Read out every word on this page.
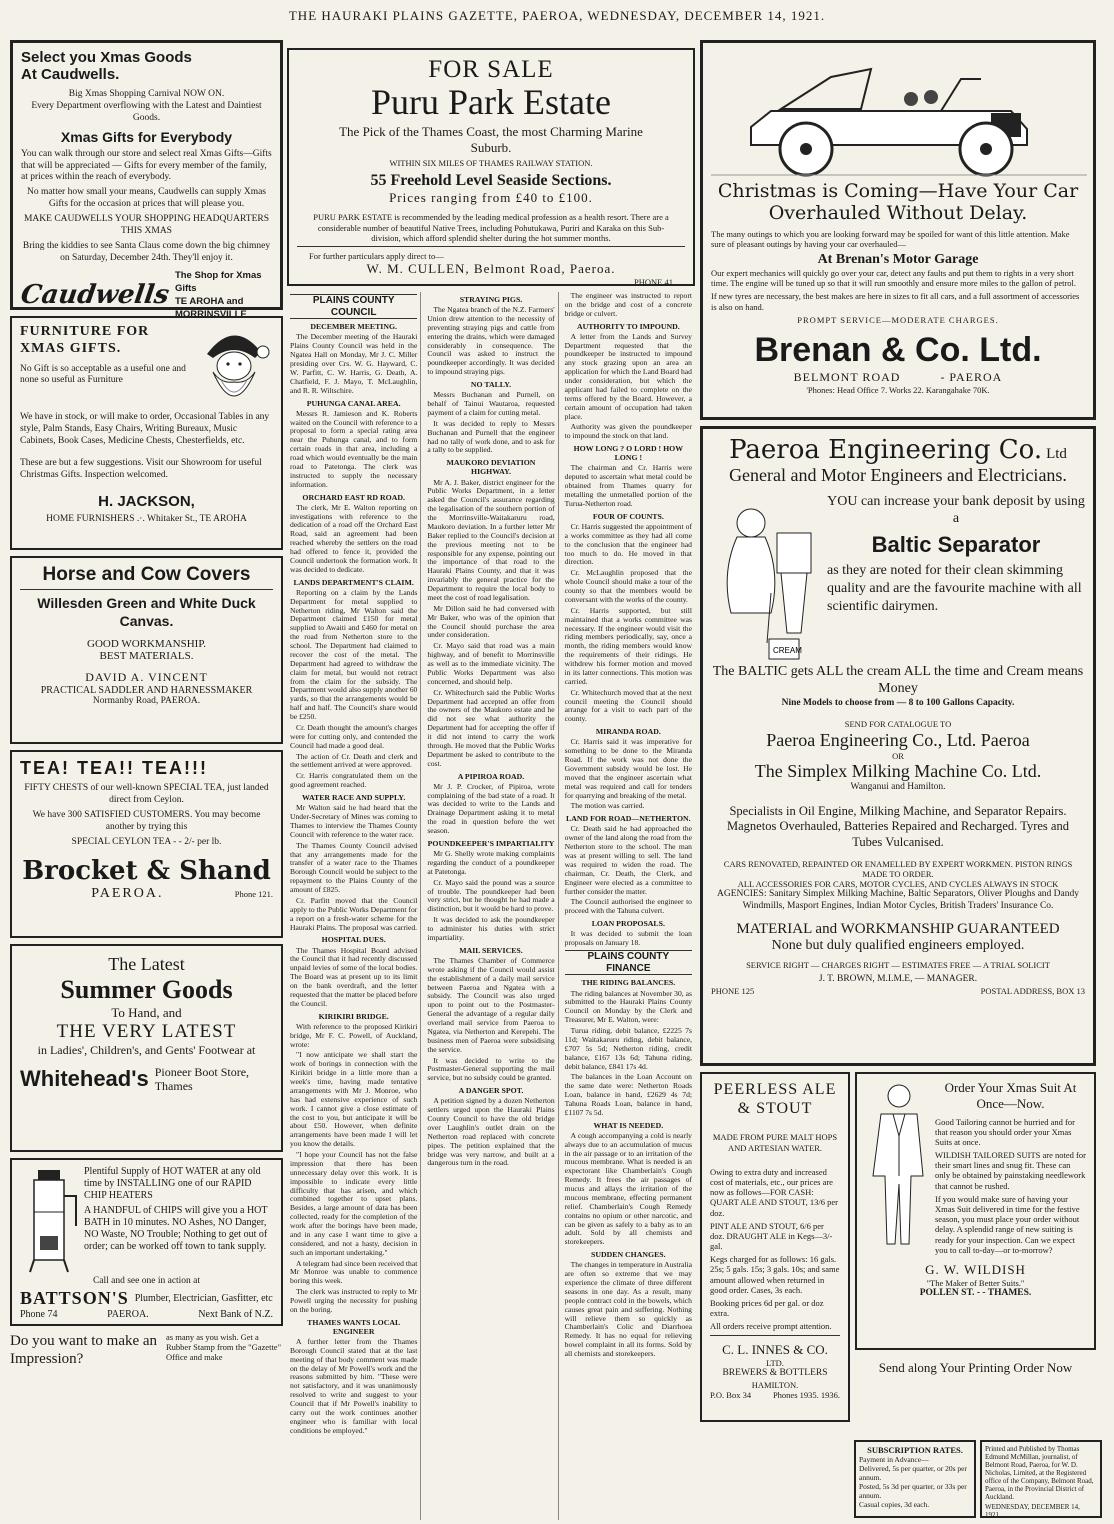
THE HAURAKI PLAINS GAZETTE, PAEROA, WEDNESDAY, DECEMBER 14, 1921.
Select you Xmas Goods
At Caudwells.
Big Xmas Shopping Carnival NOW ON.
Every Department overflowing with the Latest and Daintiest Goods.
Xmas Gifts for Everybody

You can walk through our store and select real Xmas Gifts—Gifts that will be appreciated — Gifts for every member of the family, at prices within the reach of everybody.

No matter how small your means, Caudwells can supply Xmas Gifts for the occasion at prices that will please you.

MAKE CAUDWELLS YOUR SHOPPING HEADQUARTERS THIS XMAS

Bring the kiddies to see Santa Claus come down the big chimney on Saturday, December 24th. They'll enjoy it.

Caudwells
The Shop for Xmas Gifts
TE AROHA and
MORRINSVILLE
FURNITURE FOR XMAS GIFTS.

No Gift is so acceptable as a useful one and none so useful as Furniture

We have in stock, or will make to order, Occasional Tables in any style, Palm Stands, Easy Chairs, Writing Bureaux, Music Cabinets, Book Cases, Medicine Chests, Chesterfields, etc.

These are but a few suggestions. Visit our Showroom for useful Christmas Gifts. Inspection welcomed.

H. JACKSON,
HOME FURNISHERS .·. Whitaker St., TE AROHA
Horse and Cow Covers
Willesden Green and White Duck Canvas.
GOOD WORKMANSHIP.
BEST MATERIALS.
DAVID A. VINCENT
PRACTICAL SADDLER AND HARNESSMAKER
Normanby Road, PAEROA.
TEA! TEA!! TEA!!!

FIFTY CHESTS of our well-known SPECIAL TEA, just landed direct from Ceylon.

We have 300 SATISFIED CUSTOMERS. You may become another by trying this

SPECIAL CEYLON TEA - - 2/- per lb.

Brocket & Shand
PAEROA.	Phone 121.
The Latest
Summer Goods
To Hand, and
THE VERY LATEST
in Ladies', Children's, and Gents' Footwear at
Whitehead's Pioneer Boot Store, Thames

Plentiful Supply of HOT WATER at any old time by INSTALLING one of our RAPID CHIP HEATERS

A HANDFUL of CHIPS will give you a HOT BATH in 10 minutes. NO Ashes, NO Danger, NO Waste, NO Trouble; Nothing to get out of order; can be worked off town to tank supply.

Call and see one in action at
BATTSON'S Plumber, Electrician, Gasfitter, etc
Phone 74	PAEROA.	Next Bank of N.Z.
Do you want to make an Impression?
as many as you wish. Get a Rubber Stamp from the "Gazette" Office and make
FOR SALE
Puru Park Estate
The Pick of the Thames Coast, the most Charming Marine Suburb.
WITHIN SIX MILES OF THAMES RAILWAY STATION.
55 Freehold Level Seaside Sections.
Prices ranging from £40 to £100.

PURU PARK ESTATE is recommended by the leading medical profession as a health resort. There are a considerable number of beautiful Native Trees, including Pohutukawa, Puriri and Karaka on this Sub-division, which afford splendid shelter during the hot summer months.

For further particulars apply direct to—
W. M. CULLEN, Belmont Road, Paeroa.
PHONE 41
PLAINS COUNTY COUNCIL
DECEMBER MEETING.

The December meeting of the Hauraki Plains County Council was held in the Ngatea Hall on Monday, Mr J. C. Miller presiding over Crs. W. G. Hayward, C. W. Parfitt, C. W. Harris, G. Death, A. Chatfield, F. J. Mayo, T. McLaughlin, and R. R. Wiltschire.

PUHUNGA CANAL AREA.

Messrs R. Jamieson and K. Roberts waited on the Council with reference to a proposal to form a special rating area near the Puhunga canal, and to form certain roads in that area, including a road which would eventually be the main road to Patetonga. The clerk was instructed to supply the necessary information.

ORCHARD EAST RD ROAD.

The clerk, Mr E. Walton reporting on investigations with reference to the dedication of a road off the Orchard East Road, said an agreement had been reached whereby the settlers on the road had offered to fence it, provided the Council undertook the formation work. It was decided to dedicate.

LANDS DEPARTMENT'S CLAIM.

Reporting on a claim by the Lands Department for metal supplied to Netherton riding, Mr Walton said the Department claimed £150 for metal supplied to Awaiti and £460 for metal on the road from Netherton store to the school. The Department had claimed to recover the cost of the metal. The Department had agreed to withdraw the claim for metal, but would not retract from the claim for the subsidy. The Department would also supply another 60 yards, so that the arrangements would be half and half. The Council's share would be £250.

Cr. Death thought the amount's charges were for cutting only, and contended the Council had made a good deal.

The action of Cr. Death and clerk and the settlement arrived at were approved.

Cr. Harris congratulated them on the good agreement reached.

WATER RACE AND SUPPLY.

Mr Walton said he had heard that the Under-Secretary of Mines was coming to Thames to interview the Thames County Council with reference to the water race.

The Thames County Council advised that any arrangements made for the transfer of a water race to the Thames Borough Council would be subject to the repayment to the Plains County of the amount of £825.

Cr. Parfitt moved that the Council apply to the Public Works Department for a report on a fresh-water scheme for the Hauraki Plains. The proposal was carried.

HOSPITAL DUES.

The Thames Hospital Board advised the Council that it had recently discussed unpaid levies of some of the local bodies. The Board was at present up to its limit on the bank overdraft, and the letter requested that the matter be placed before the Council.

KIRIKIRI BRIDGE.

With reference to the proposed Kirikiri bridge, Mr F. C. Powell, of Auckland, wrote:

"I now anticipate we shall start the work of borings in connection with the Kirikiri bridge in a little more than a week's time, having made tentative arrangements with Mr J. Monroe, who has had extensive experience of such work. I cannot give a close estimate of the cost to you, but anticipate it will be about £50. However, when definite arrangements have been made I will let you know the details.

"I hope your Council has not the false impression that there has been unnecessary delay over this work. It is impossible to indicate every little difficulty that has arisen, and which combined together to upset plans. Besides, a large amount of data has been collected, ready for the completion of the work after the borings have been made, and in any case I want time to give a considered, and not a hasty, decision in such an important undertaking."

A telegram had since been received that Mr Monroe was unable to commence boring this week.

The clerk was instructed to reply to Mr Powell urging the necessity for pushing on the boring.

THAMES WANTS LOCAL ENGINEER

A further letter from the Thames Borough Council stated that at the last meeting of that body comment was made on the delay of Mr Powell's work and the reasons submitted by him. "These were not satisfactory, and it was unanimously resolved to write and suggest to your Council that if Mr Powell's inability to carry out the work continues another engineer who is familiar with local conditions be employed."

STRAYING PIGS.

The Ngatea branch of the N.Z. Farmers' Union drew attention to the necessity of preventing straying pigs and cattle from entering the drains, which were damaged considerably in consequence. The Council was asked to instruct the poundkeeper accordingly. It was decided to impound straying pigs.

NO TALLY.

Messrs Buchanan and Purnell, on behalf of Tainui Wautaroa, requested payment of a claim for cutting metal.

It was decided to reply to Messrs Buchanan and Purnell that the engineer had no tally of work done, and to ask for a tally to be supplied.

MAUKORO DEVIATION HIGHWAY.

Mr A. J. Baker, district engineer for the Public Works Department, in a letter asked the Council's assurance regarding the legalisation of the southern portion of the Morrinsville-Waitakaruru road, Maukoro deviation. In a further letter Mr Baker replied to the Council's decision at the previous meeting not to be responsible for any expense, pointing out the importance of that road to the Hauraki Plains County, and that it was invariably the general practice for the Department to require the local body to meet the cost of road legalisation.

Mr Dillon said he had conversed with Mr Baker, who was of the opinion that the Council should purchase the area under consideration.

Cr. Mayo said that road was a main highway, and of benefit to Morrinsville as well as to the immediate vicinity. The Public Works Department was also concerned, and should help.

Cr. Whitechurch said the Public Works Department had accepted an offer from the owners of the Maukoro estate and he did not see what authority the Department had for accepting the offer if it did not intend to carry the work through. He moved that the Public Works Department be asked to contribute to the cost.

A PIPIROA ROAD.

Mr J. P. Crocker, of Pipiroa, wrote complaining of the bad state of a road. It was decided to write to the Lands and Drainage Department asking it to metal the road in question before the wet season.

POUNDKEEPER'S IMPARTIALITY

Mr G. Shelly wrote making complaints regarding the conduct of a poundkeeper at Patetonga.

Cr. Mayo said the pound was a source of trouble. The poundkeeper had been very strict, but he thought he had made a distinction, but it would be hard to prove.

It was decided to ask the poundkeeper to administer his duties with strict impartiality.

MAIL SERVICES.

The Thames Chamber of Commerce wrote asking if the Council would assist the establishment of a daily mail service between Paeroa and Ngatea with a subsidy. The Council was also urged upon to point out to the Postmaster-General the advantage of a regular daily overland mail service from Paeroa to Ngatea, via Netherton and Kerepehi. The business men of Paeroa were subsidising the service.

It was decided to write to the Postmaster-General supporting the mail service, but no subsidy could be granted.

A DANGER SPOT.

A petition signed by a dozen Netherton settlers urged upon the Hauraki Plains County Council to have the old bridge over Laughlin's outlet drain on the Netherton road replaced with concrete pipes. The petition explained that the bridge was very narrow, and built at a dangerous turn in the road.

The engineer was instructed to report on the bridge and cost of a concrete bridge or culvert.

AUTHORITY TO IMPOUND.

A letter from the Lands and Survey Department requested that the poundkeeper be instructed to impound any stock grazing upon an area an application for which the Land Board had under consideration, but which the applicant had failed to complete on the terms offered by the Board. However, a certain amount of occupation had taken place.

Authority was given the poundkeeper to impound the stock on that land.

HOW LONG ? O LORD ! HOW LONG !

The chairman and Cr. Harris were deputed to ascertain what metal could be obtained from Thames quarry for metalling the unmetalled portion of the Turua-Netherton road.

FOUR OF COUNTS.

Cr. Harris suggested the appointment of a works committee as they had all come to the conclusion that the engineer had too much to do. He moved in that direction.

Cr. McLaughlin proposed that the whole Council should make a tour of the county so that the members would be conversant with the works of the county.

Cr. Harris supported, but still maintained that a works committee was necessary. If the engineer would visit the riding members periodically, say, once a month, the riding members would know the requirements of their ridings. He withdrew his former motion and moved in its latter connections. This motion was carried.

Cr. Whitechurch moved that at the next council meeting the Council should arrange for a visit to each part of the county.

MIRANDA ROAD.

Cr. Harris said it was imperative for something to be done to the Miranda Road. If the work was not done the Government subsidy would be lost. He moved that the engineer ascertain what metal was required and call for tenders for quarrying and breaking of the metal.

The motion was carried.

LAND FOR ROAD—NETHERTON.

Cr. Death said he had approached the owner of the land along the road from the Netherton store to the school. The man was at present willing to sell. The land was required to widen the road. The chairman, Cr. Death, the Clerk, and Engineer were elected as a committee to further consider the matter.

The Council authorised the engineer to proceed with the Tahuna culvert.

LOAN PROPOSALS.

It was decided to submit the loan proposals on January 18.

PLAINS COUNTY FINANCE
THE RIDING BALANCES.

The riding balances at November 30, as submitted to the Hauraki Plains County Council on Monday by the Clerk and Treasurer, Mr E. Walton, were:

Turua riding, debit balance, £2225 7s 11d; Waitakaruru riding, debit balance, £707 5s 5d; Netherton riding, credit balance, £167 13s 6d; Tahuna riding, debit balance, £841 17s 4d.

The balances in the Loan Account on the same date were: Netherton Roads Loan, balance in hand, £2629 4s 7d; Tahuna Roads Loan, balance in hand, £1107 7s 5d.

WHAT IS NEEDED.

A cough accompanying a cold is nearly always due to an accumulation of mucus in the air passage or to an irritation of the mucous membrane. What is needed is an expectorant like Chamberlain's Cough Remedy. It frees the air passages of mucus and allays the irritation of the mucous membrane, effecting permanent relief. Chamberlain's Cough Remedy contains no opium or other narcotic, and can be given as safely to a baby as to an adult. Sold by all chemists and storekeepers.

SUDDEN CHANGES.

The changes in temperature in Australia are often so extreme that we may experience the climate of three different seasons in one day. As a result, many people contract cold in the bowels, which causes great pain and suffering. Nothing will relieve them so quickly as Chamberlain's Colic and Diarrhoea Remedy. It has no equal for relieving bowel complaint in all its forms. Sold by all chemists and storekeepers.

Christmas is Coming—Have Your Car Overhauled Without Delay.

The many outings to which you are looking forward may be spoiled for want of this little attention. Make sure of pleasant outings by having your car overhauled—

At Brenan's Motor Garage

Our expert mechanics will quickly go over your car, detect any faults and put them to rights in a very short time. The engine will be tuned up so that it will run smoothly and ensure more miles to the gallon of petrol.

If new tyres are necessary, the best makes are here in sizes to fit all cars, and a full assortment of accessories is also on hand.

PROMPT SERVICE—MODERATE CHARGES.
Brenan & Co. Ltd.
BELMONT ROAD	- PAEROA
'Phones: Head Office 7. Works 22. Karangahake 70K.
Paeroa Engineering Co. Ltd
General and Motor Engineers and Electricians.
CREAM
YOU can increase your bank deposit by using a
Baltic Separator
as they are noted for their clean skimming quality and are the favourite machine with all scientific dairymen.
The BALTIC gets ALL the cream ALL the time and Cream means Money
Nine Models to choose from — 8 to 100 Gallons Capacity.
SEND FOR CATALOGUE TO
Paeroa Engineering Co., Ltd. Paeroa
OR
The Simplex Milking Machine Co. Ltd.
Wanganui and Hamilton.
Specialists in Oil Engine, Milking Machine, and Separator Repairs. Magnetos Overhauled, Batteries Repaired and Recharged. Tyres and Tubes Vulcanised.
CARS RENOVATED, REPAINTED OR ENAMELLED BY EXPERT WORKMEN. PISTON RINGS MADE TO ORDER.
ALL ACCESSORIES FOR CARS, MOTOR CYCLES, AND CYCLES ALWAYS IN STOCK
AGENCIES: Sanitary Simplex Milking Machine, Baltic Separators, Oliver Ploughs and Dandy Windmills, Masport Engines, Indian Motor Cycles, British Traders' Insurance Co.
MATERIAL and WORKMANSHIP GUARANTEED
None but duly qualified engineers employed.
SERVICE RIGHT — CHARGES RIGHT — ESTIMATES FREE — A TRIAL SOLICIT
J. T. BROWN, M.I.M.E, — MANAGER.
PHONE 125	POSTAL ADDRESS, BOX 13
PEERLESS ALE & STOUT
MADE FROM PURE MALT HOPS AND ARTESIAN WATER.

Owing to extra duty and increased cost of materials, etc., our prices are now as follows—FOR CASH: QUART ALE AND STOUT, 13/6 per doz.

PINT ALE AND STOUT, 6/6 per doz. DRAUGHT ALE in Kegs—3/- gal.

Kegs charged for as follows: 16 gals. 25s; 5 gals. 15s; 3 gals. 10s; and same amount allowed when returned in good order. Cases, 3s each.

Booking prices 6d per gal. or doz extra.

All orders receive prompt attention.

C. L. INNES & CO.
LTD.
BREWERS & BOTTLERS
HAMILTON.
P.O. Box 34	Phones 1935. 1936.
Order Your Xmas Suit At Once—Now.

Good Tailoring cannot be hurried and for that reason you should order your Xmas Suits at once.

WILDISH TAILORED SUITS are noted for their smart lines and snug fit. These can only be obtained by painstaking needlework that cannot be rushed.

If you would make sure of having your Xmas Suit delivered in time for the festive season, you must place your order without delay. A splendid range of new suiting is ready for your inspection. Can we expect you to call to-day—or to-morrow?

G. W. WILDISH
"The Maker of Better Suits."
POLLEN ST. - - THAMES.
Send along Your Printing Order Now
SUBSCRIPTION RATES.
Payment in Advance—
Delivered, 5s per quarter, or 20s per annum.
Posted, 5s 3d per quarter, or 33s per annum.
Casual copies, 3d each.
Printed and Published by Thomas Edmund McMillan, journalist, of Belmont Road, Paeroa, for W. D. Nicholas, Limited, at the Registered office of the Company, Belmont Road, Paeroa, in the Provincial District of Auckland.
WEDNESDAY, DECEMBER 14, 1921.
